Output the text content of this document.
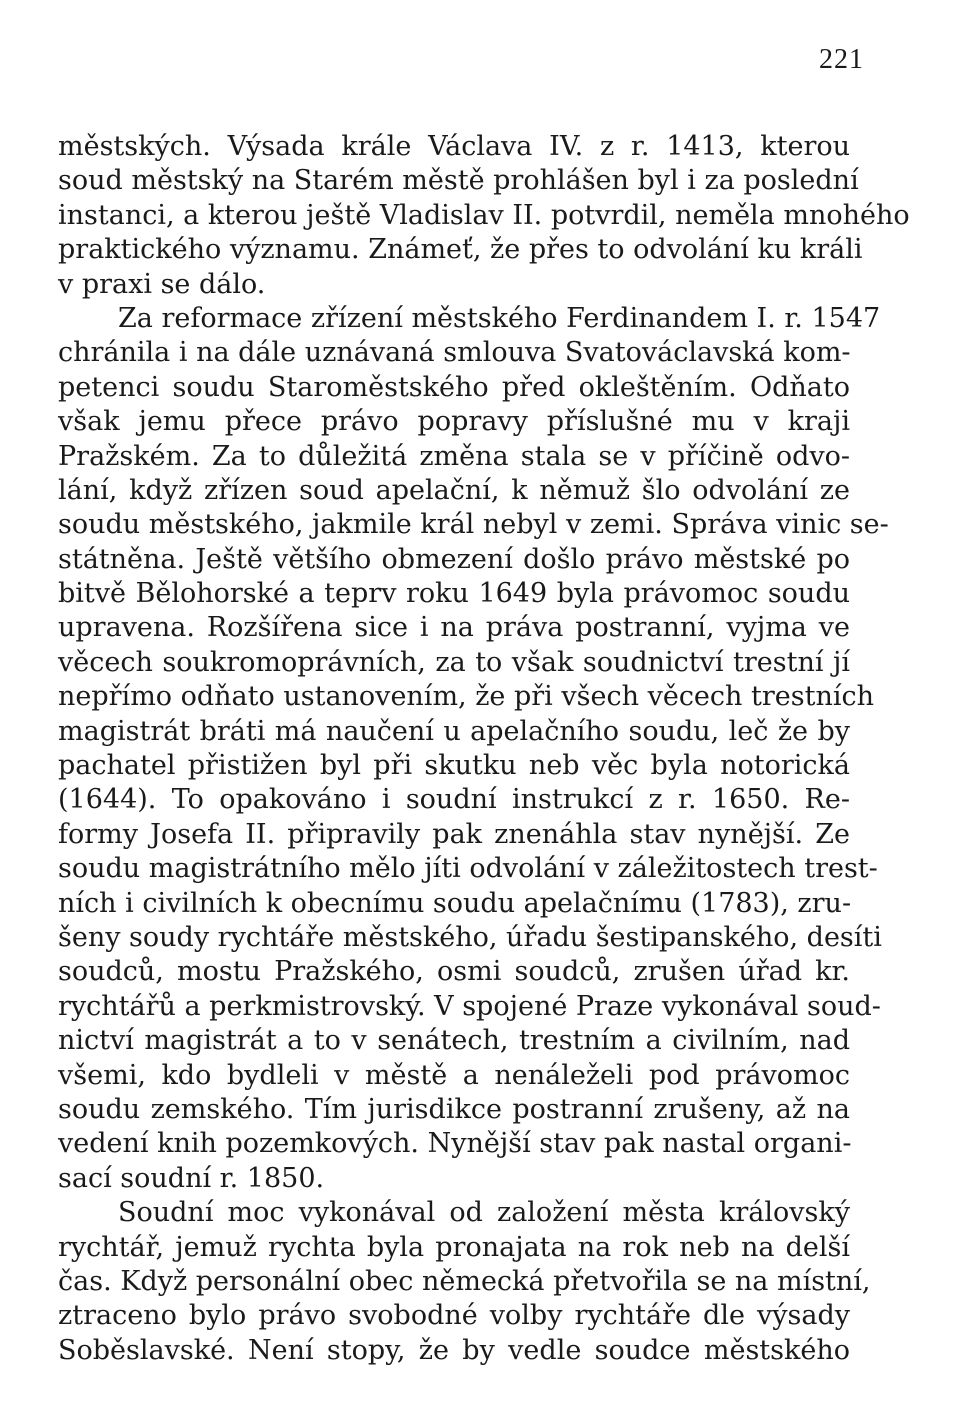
221
městských. Výsada krále Václava IV. z r. 1413, kterou
soud městský na Starém městě prohlášen byl i za poslední
instanci, a kterou ještě Vladislav II. potvrdil, neměla mnohého
praktického významu. Známeť, že přes to odvolání ku králi
v praxi se dálo.
Za reformace zřízení městského Ferdinandem I. r. 1547
chránila i na dále uznávaná smlouva Svatováclavská kom-
petenci soudu Staroměstského před okleštěním. Odňato
však jemu přece právo popravy příslušné mu v kraji
Pražském. Za to důležitá změna stala se v příčině odvo-
lání, když zřízen soud apelační, k němuž šlo odvolání ze
soudu městského, jakmile král nebyl v zemi. Správa vinic se-
státněna. Ještě většího obmezení došlo právo městské po
bitvě Bělohorské a teprv roku 1649 byla právomoc soudu
upravena. Rozšířena sice i na práva postranní, vyjma ve
věcech soukromoprávních, za to však soudnictví trestní jí
nepřímo odňato ustanovením, že při všech věcech trestních
magistrát bráti má naučení u apelačního soudu, leč že by
pachatel přistižen byl při skutku neb věc byla notorická
(1644). To opakováno i soudní instrukcí z r. 1650. Re-
formy Josefa II. připravily pak znenáhla stav nynější. Ze
soudu magistrátního mělo jíti odvolání v záležitostech trest-
ních i civilních k obecnímu soudu apelačnímu (1783), zru-
šeny soudy rychtáře městského, úřadu šestipanského, desíti
soudců, mostu Pražského, osmi soudců, zrušen úřad kr.
rychtářů a perkmistrovský. V spojené Praze vykonával soud-
nictví magistrát a to v senátech, trestním a civilním, nad
všemi, kdo bydleli v městě a nenáleželi pod právomoc
soudu zemského. Tím jurisdikce postranní zrušeny, až na
vedení knih pozemkových. Nynější stav pak nastal organi-
sací soudní r. 1850.
Soudní moc vykonával od založení města královský
rychtář, jemuž rychta byla pronajata na rok neb na delší
čas. Když personální obec německá přetvořila se na místní,
ztraceno bylo právo svobodné volby rychtáře dle výsady
Soběslavské. Není stopy, že by vedle soudce městského
